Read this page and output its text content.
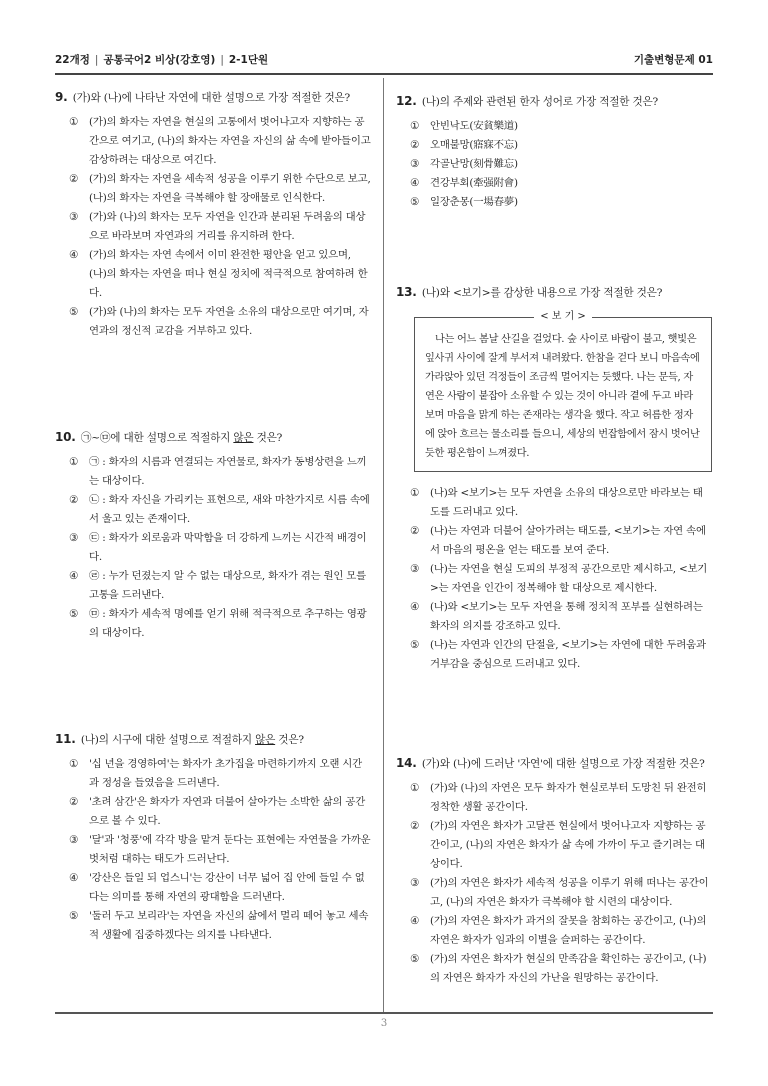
22개정 | 공통국어2 비상(강호영) | 2-1단원	기출변형문제 01
9. (가)와 (나)에 나타난 자연에 대한 설명으로 가장 적절한 것은?
① (가)의 화자는 자연을 현실의 고통에서 벗어나고자 지향하는 공간으로 여기고, (나)의 화자는 자연을 자신의 삶 속에 받아들이고 감상하려는 대상으로 여긴다.
② (가)의 화자는 자연을 세속적 성공을 이루기 위한 수단으로 보고, (나)의 화자는 자연을 극복해야 할 장애물로 인식한다.
③ (가)와 (나)의 화자는 모두 자연을 인간과 분리된 두려움의 대상으로 바라보며 자연과의 거리를 유지하려 한다.
④ (가)의 화자는 자연 속에서 이미 완전한 평안을 얻고 있으며, (나)의 화자는 자연을 떠나 현실 정치에 적극적으로 참여하려 한다.
⑤ (가)와 (나)의 화자는 모두 자연을 소유의 대상으로만 여기며, 자연과의 정신적 교감을 거부하고 있다.
10. ㉠~㉤에 대한 설명으로 적절하지 않은 것은?
① ㉠ : 화자의 시름과 연결되는 자연물로, 화자가 동병상련을 느끼는 대상이다.
② ㉡ : 화자 자신을 가리키는 표현으로, 새와 마찬가지로 시름 속에서 울고 있는 존재이다.
③ ㉢ : 화자가 외로움과 막막함을 더 강하게 느끼는 시간적 배경이다.
④ ㉣ : 누가 던졌는지 알 수 없는 대상으로, 화자가 겪는 원인 모를 고통을 드러낸다.
⑤ ㉤ : 화자가 세속적 명예를 얻기 위해 적극적으로 추구하는 영광의 대상이다.
11. (나)의 시구에 대한 설명으로 적절하지 않은 것은?
① '십 년을 경영하여'는 화자가 초가집을 마련하기까지 오랜 시간과 정성을 들였음을 드러낸다.
② '초려 삼간'은 화자가 자연과 더불어 살아가는 소박한 삶의 공간으로 볼 수 있다.
③ '달'과 '청풍'에 각각 방을 맡겨 둔다는 표현에는 자연물을 가까운 벗처럼 대하는 태도가 드러난다.
④ '강산은 들일 되 업스니'는 강산이 너무 넓어 집 안에 들일 수 없다는 의미를 통해 자연의 광대함을 드러낸다.
⑤ '둘러 두고 보리라'는 자연을 자신의 삶에서 멀리 떼어 놓고 세속적 생활에 집중하겠다는 의지를 나타낸다.
12. (나)의 주제와 관련된 한자 성어로 가장 적절한 것은?
① 안빈낙도(安貧樂道)
② 오매불망(寤寐不忘)
③ 각골난망(刻骨難忘)
④ 견강부회(牽强附會)
⑤ 일장춘몽(一場春夢)
13. (나)와 <보기>를 감상한 내용으로 가장 적절한 것은?
< 보 기 >
나는 어느 봄날 산길을 걸었다. 숲 사이로 바람이 불고, 햇빛은 잎사귀 사이에 잘게 부서져 내려왔다. 한참을 걷다 보니 마음속에 가라앉아 있던 걱정들이 조금씩 멀어지는 듯했다. 나는 문득, 자연은 사람이 붙잡아 소유할 수 있는 것이 아니라 곁에 두고 바라보며 마음을 맑게 하는 존재라는 생각을 했다. 작고 허름한 정자에 앉아 흐르는 물소리를 들으니, 세상의 번잡함에서 잠시 벗어난 듯한 평온함이 느껴졌다.
① (나)와 <보기>는 모두 자연을 소유의 대상으로만 바라보는 태도를 드러내고 있다.
② (나)는 자연과 더불어 살아가려는 태도를, <보기>는 자연 속에서 마음의 평온을 얻는 태도를 보여 준다.
③ (나)는 자연을 현실 도피의 부정적 공간으로만 제시하고, <보기>는 자연을 인간이 정복해야 할 대상으로 제시한다.
④ (나)와 <보기>는 모두 자연을 통해 정치적 포부를 실현하려는 화자의 의지를 강조하고 있다.
⑤ (나)는 자연과 인간의 단절을, <보기>는 자연에 대한 두려움과 거부감을 중심으로 드러내고 있다.
14. (가)와 (나)에 드러난 '자연'에 대한 설명으로 가장 적절한 것은?
① (가)와 (나)의 자연은 모두 화자가 현실로부터 도망친 뒤 완전히 정착한 생활 공간이다.
② (가)의 자연은 화자가 고달픈 현실에서 벗어나고자 지향하는 공간이고, (나)의 자연은 화자가 삶 속에 가까이 두고 즐기려는 대상이다.
③ (가)의 자연은 화자가 세속적 성공을 이루기 위해 떠나는 공간이고, (나)의 자연은 화자가 극복해야 할 시련의 대상이다.
④ (가)의 자연은 화자가 과거의 잘못을 참회하는 공간이고, (나)의 자연은 화자가 임과의 이별을 슬퍼하는 공간이다.
⑤ (가)의 자연은 화자가 현실의 만족감을 확인하는 공간이고, (나)의 자연은 화자가 자신의 가난을 원망하는 공간이다.
3
